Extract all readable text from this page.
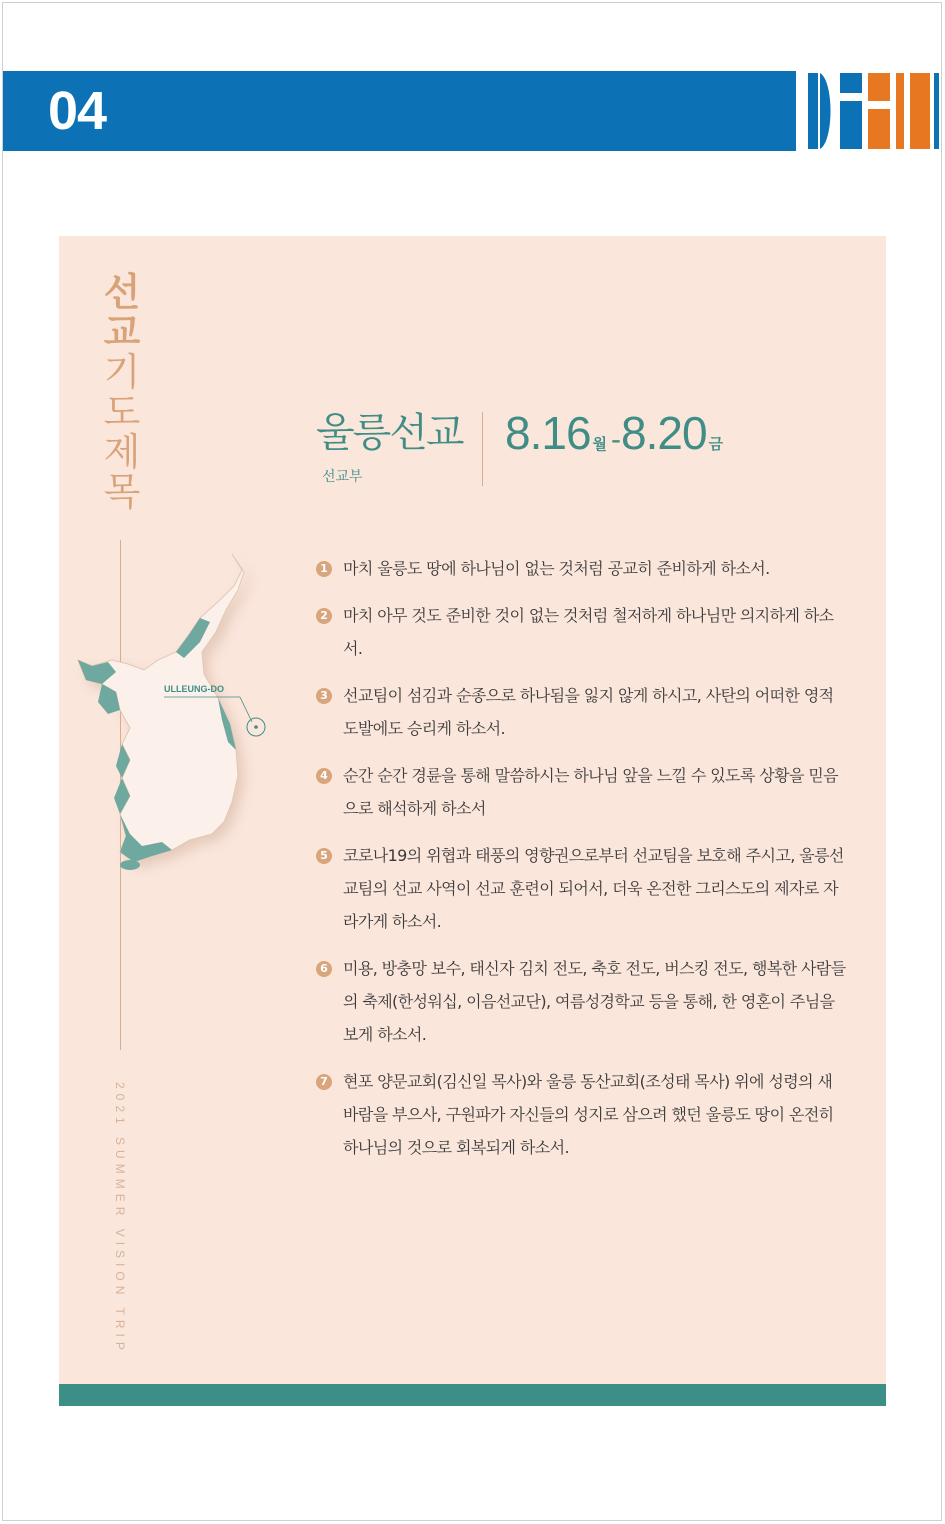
04
선
교
기
도
제
목
2021 SUMMER VISION TRIP
ULLEUNG-DO
울릉선교
선교부
8.16 월 -8.20 금
1 마치 울릉도 땅에 하나님이 없는 것처럼 공교히 준비하게 하소서.
2 마치 아무 것도 준비한 것이 없는 것처럼 철저하게 하나님만 의지하게 하소서.
3 선교팀이 섬김과 순종으로 하나됨을 잃지 않게 하시고, 사탄의 어떠한 영적 도발에도 승리케 하소서.
4 순간 순간 경륜을 통해 말씀하시는 하나님 앞을 느낄 수 있도록 상황을 믿음으로 해석하게 하소서
5 코로나19의 위협과 태풍의 영향권으로부터 선교팀을 보호해 주시고, 울릉선교팀의 선교 사역이 선교 훈련이 되어서, 더욱 온전한 그리스도의 제자로 자라가게 하소서.
6 미용, 방충망 보수, 태신자 김치 전도, 축호 전도, 버스킹 전도, 행복한 사람들의 축제(한성워십, 이음선교단), 여름성경학교 등을 통해, 한 영혼이 주님을 보게 하소서.
7 현포 양문교회(김신일 목사)와 울릉 동산교회(조성태 목사) 위에 성령의 새바람을 부으사, 구원파가 자신들의 성지로 삼으려 했던 울릉도 땅이 온전히 하나님의 것으로 회복되게 하소서.
